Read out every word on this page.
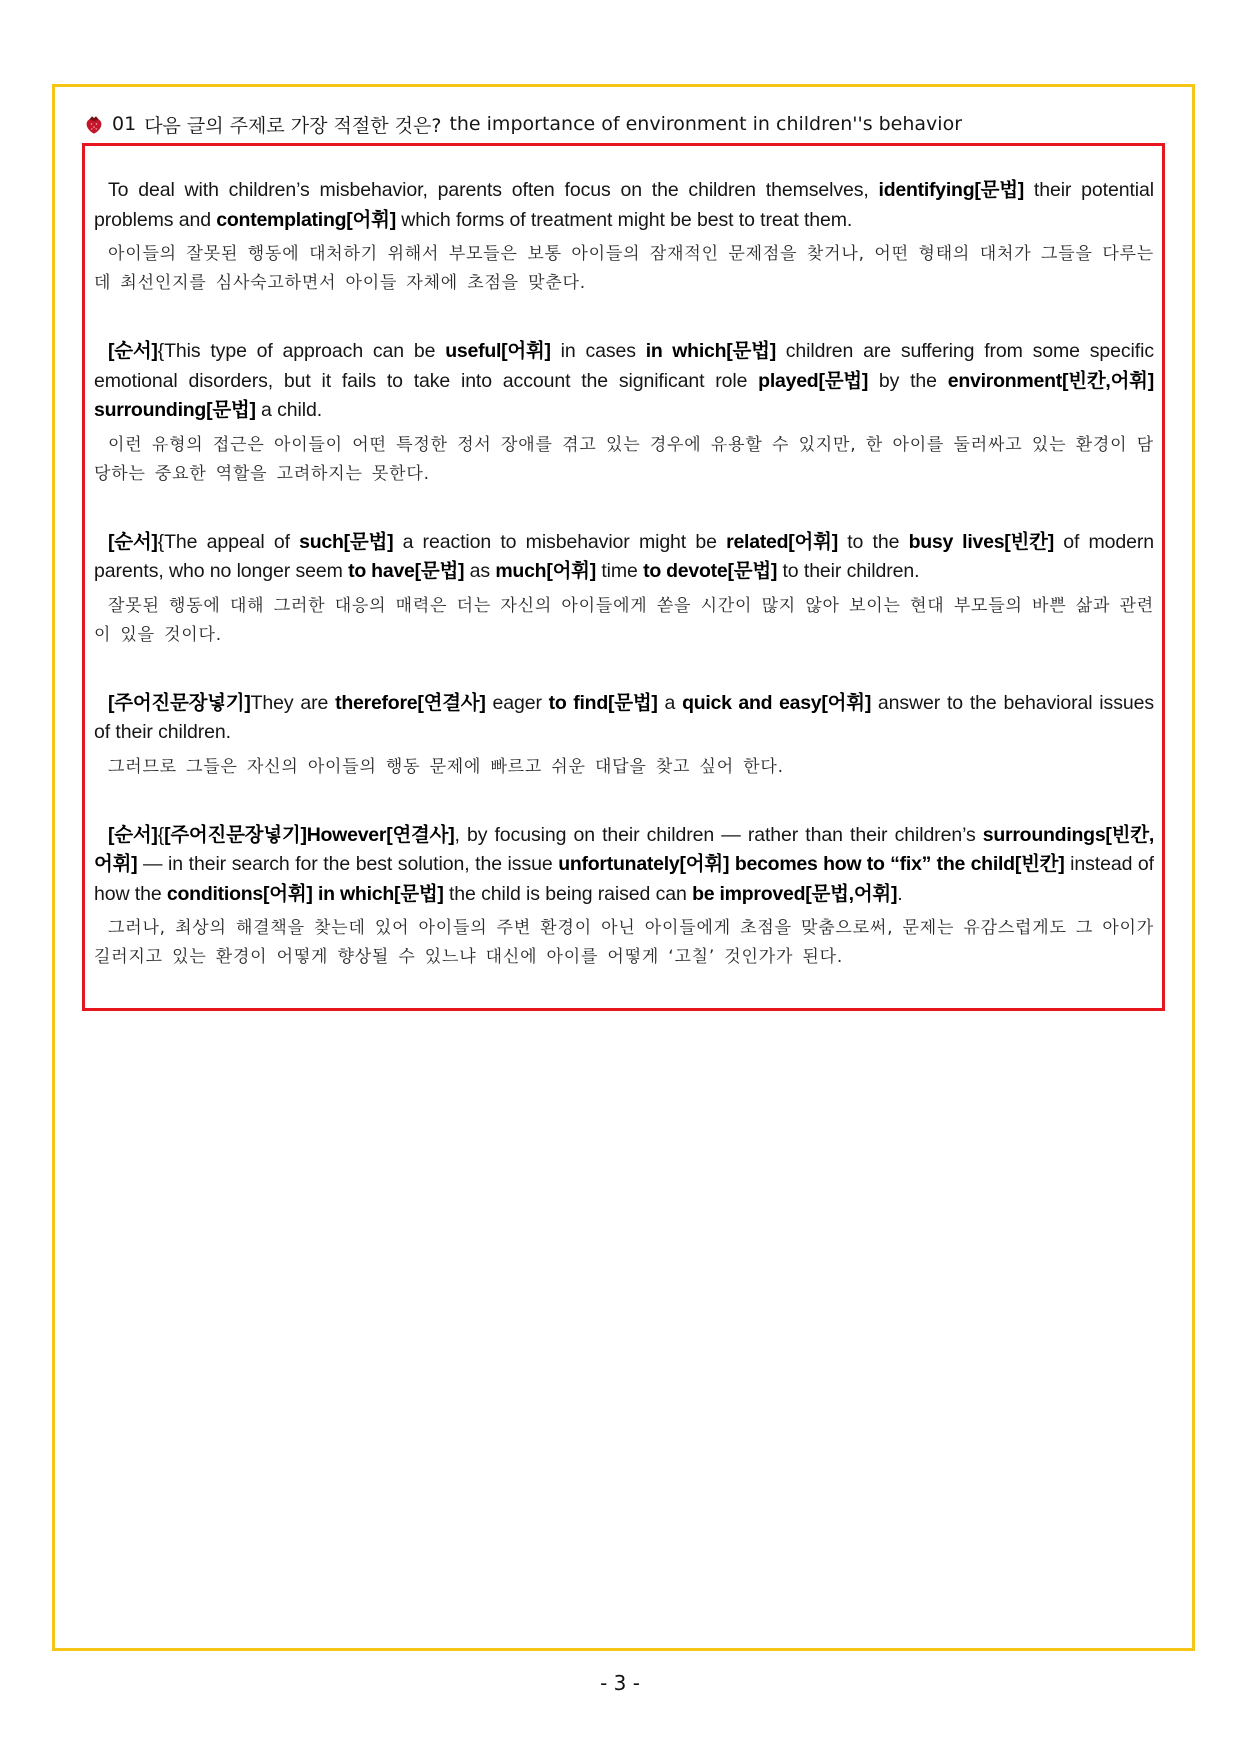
01 다음 글의 주제로 가장 적절한 것은? the importance of environment in children''s behavior

To deal with children’s misbehavior, parents often focus on the children themselves, identifying[문법] their potential problems and contemplating[어휘] which forms of treatment might be best to treat them.

아이들의 잘못된 행동에 대처하기 위해서 부모들은 보통 아이들의 잠재적인 문제점을 찾거나, 어떤 형태의 대처가 그들을 다루는 데 최선인지를 심사숙고하면서 아이들 자체에 초점을 맞춘다.

[순서]{This type of approach can be useful[어휘] in cases in which[문법] children are suffering from some specific emotional disorders, but it fails to take into account the significant role played[문법] by the environment[빈칸,어휘] surrounding[문법] a child.

이런 유형의 접근은 아이들이 어떤 특정한 정서 장애를 겪고 있는 경우에 유용할 수 있지만, 한 아이를 둘러싸고 있는 환경이 담당하는 중요한 역할을 고려하지는 못한다.

[순서]{The appeal of such[문법] a reaction to misbehavior might be related[어휘] to the busy lives[빈칸] of modern parents, who no longer seem to have[문법] as much[어휘] time to devote[문법] to their children.

잘못된 행동에 대해 그러한 대응의 매력은 더는 자신의 아이들에게 쏟을 시간이 많지 않아 보이는 현대 부모들의 바쁜 삶과 관련이 있을 것이다.

[주어진문장넣기]They are therefore[연결사] eager to find[문법] a quick and easy[어휘] answer to the behavioral issues of their children.

그러므로 그들은 자신의 아이들의 행동 문제에 빠르고 쉬운 대답을 찾고 싶어 한다.

[순서]{[주어진문장넣기]However[연결사], by focusing on their children — rather than their children’s surroundings[빈칸,어휘] — in their search for the best solution, the issue unfortunately[어휘] becomes how to “fix” the child[빈칸] instead of how the conditions[어휘] in which[문법] the child is being raised can be improved[문법,어휘].

그러나, 최상의 해결책을 찾는데 있어 아이들의 주변 환경이 아닌 아이들에게 초점을 맞춤으로써, 문제는 유감스럽게도 그 아이가 길러지고 있는 환경이 어떻게 향상될 수 있느냐 대신에 아이를 어떻게 ‘고칠’ 것인가가 된다.

- 3 -
